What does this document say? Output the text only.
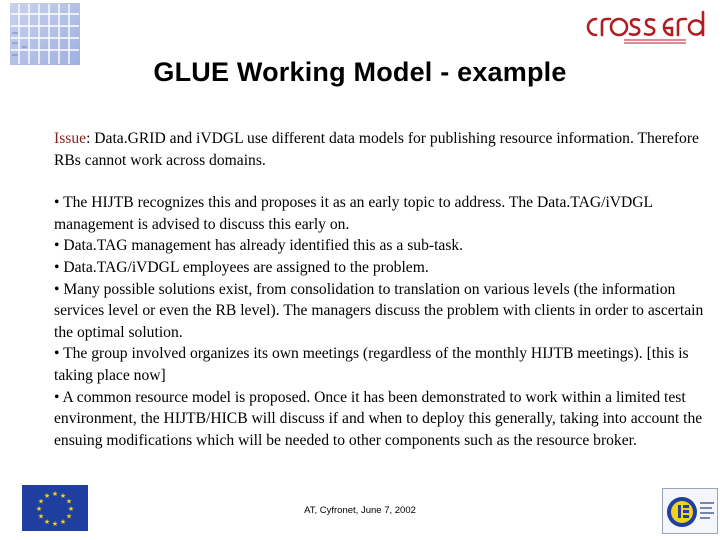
GLUE Working Model - example

Issue: Data.GRID and iVDGL use different data models for publishing resource information. Therefore RBs cannot work across domains.

• The HIJTB recognizes this and proposes it as an early topic to address. The Data.TAG/iVDGL management is advised to discuss this early on.

• Data.TAG management has already identified this as a sub-task.

• Data.TAG/iVDGL employees are assigned to the problem.

• Many possible solutions exist, from consolidation to translation on various levels (the information services level or even the RB level). The managers discuss the problem with clients in order to ascertain the optimal solution.

• The group involved organizes its own meetings (regardless of the monthly HIJTB meetings). [this is taking place now]

• A common resource model is proposed. Once it has been demonstrated to work within a limited test environment, the HIJTB/HICB will discuss if and when to deploy this generally, taking into account the ensuing modifications which will be needed to other components such as the resource broker.

★ ★
★
★
★
★
★
★
★
★
★
★
AT, Cyfronet, June 7, 2002
